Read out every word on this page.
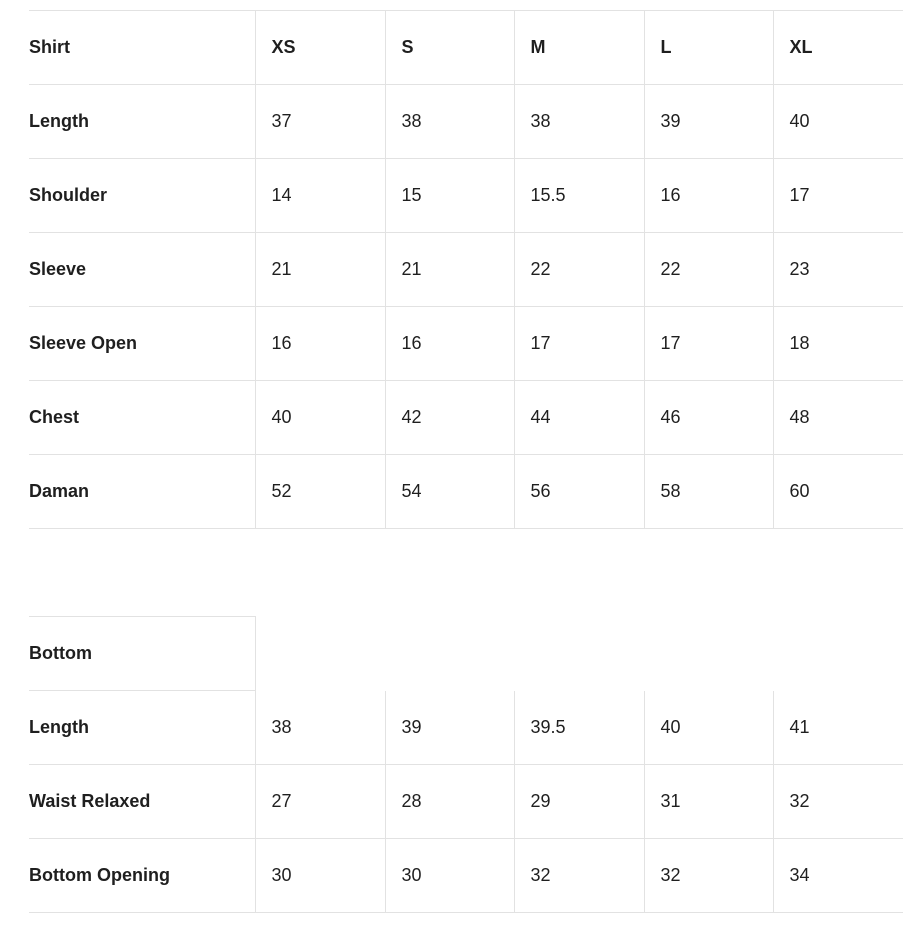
Shirt	XS	S	M	L	XL
Length	37	38	38	39	40
Shoulder	14	15	15.5	16	17
Sleeve	21	21	22	22	23
Sleeve Open	16	16	17	17	18
Chest	40	42	44	46	48
Daman	52	54	56	58	60
Bottom					
Length	38	39	39.5	40	41
Waist Relaxed	27	28	29	31	32
Bottom Opening	30	30	32	32	34
